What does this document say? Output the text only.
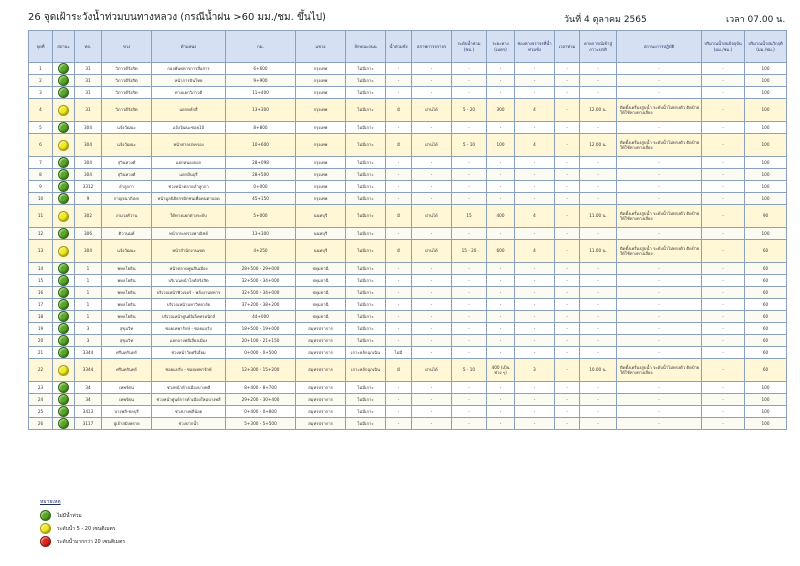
26 จุดเฝ้าระวังน้ำท่วมบนทางหลวง (กรณีน้ำฝน >60 มม./ชม. ขึ้นไป)	วันที่ 4 ตุลาคม 2565	เวลา 07.00 น.
จุดที่	สถานะ	ทล.	ขวง	ตำแหน่ง	กม.	แขวง	ลักษณะถนน	น้ำท่วมขัง	สภาพการจราจร	ระดับน้ำท่วม (ซม.)	ระยะทาง (เมตร)	ช่องทางจราจรที่น้ำท่วมขัง	เวลาท่วม	คาดการณ์เข้าสู่ภาวะปกติ	สถานะการปฏิบัติ	ปริมาณน้ำฝนปัจจุบัน (มม./ชม.)	ปริมาณน้ำฝนวิกฤติ (มม./ชม.)
1		31	วิภาวดีรังสิต	กองพันทหารการสื่อสาร	6+600	กรุงเทพ	ไม่มีเกาะ	-	-	-	-	-	-	-	-	-	100
2		31	วิภาวดีรังสิต	หน้าการบินไทย	9+900	กรุงเทพ	ไม่มีเกาะ	-	-	-	-	-	-	-	-	-	100
3		31	วิภาวดีรังสิต	ทางแยกวิภาวดี	11+400	กรุงเทพ	ไม่มีเกาะ	-	-	-	-	-	-	-	-	-	100
4		31	วิภาวดีรังสิต	แยกหลักสี่	13+300	กรุงเทพ	ไม่มีเกาะ	มี	ผ่านได้	5 - 20	300	4	-	12.00 น.	ติดตั้งเครื่องสูบน้ำ ระดับน้ำไม่ทรงตัว ติดป้ายให้ใช้ทางทางเลี่ยง	-	100
5		304	แจ้งวัฒนะ	แจ้งวัฒนะซอย10	8+800	กรุงเทพ	ไม่มีเกาะ	-	-	-	-	-	-	-	-	-	100
6		304	แจ้งวัฒนะ	หน้าศาลปกครอง	10+600	กรุงเทพ	ไม่มีเกาะ	มี	ผ่านได้	5 - 10	100	4	-	12.00 น.	ติดตั้งเครื่องสูบน้ำ ระดับน้ำไม่ทรงตัว ติดป้ายให้ใช้ทางทางเลี่ยง	-	100
7		304	สุวินทวงศ์	แยกหนองจอก	28+098	กรุงเทพ	ไม่มีเกาะ	-	-	-	-	-	-	-	-	-	100
8		304	สุวินทวงศ์	แยกมีนบุรี	28+500	กรุงเทพ	ไม่มีเกาะ	-	-	-	-	-	-	-	-	-	100
9		3312	ลำลูกกา	ช่วงหน้าตลาดลำลูกกา	0+000	กรุงเทพ	ไม่มีเกาะ	-	-	-	-	-	-	-	-	-	100
10		9	กาญจนาภิเษก	หน้ามูลนิธิธรรมิกชนเพื่อคนตาบอด	45+150	กรุงเทพ	ไม่มีเกาะ	-	-	-	-	-	-	-	-	-	100
11		302	งามวงศ์วาน	ใต้ทางแยกต่างระดับ	5+000	นนทบุรี	ไม่มีเกาะ	มี	ผ่านได้	15	400	4	-	11.00 น.	ติดตั้งเครื่องสูบน้ำ ระดับน้ำไม่ทรงตัว ติดป้ายให้ใช้ทางทางเลี่ยง	-	90
12		306	ติวานนท์	หน้ากระทรวงพาณิชย์	13+300	นนทบุรี	ไม่มีเกาะ	-	-	-	-	-	-	-	-	-	100
13		304	แจ้งวัฒนะ	หน้าสำนักงานเขต	4+250	นนทบุรี	ไม่มีเกาะ	มี	ผ่านได้	15 - 20	600	4	-	11.00 น.	ติดตั้งเครื่องสูบน้ำ ระดับน้ำไม่ทรงตัว ติดป้ายให้ใช้ทางทางเลี่ยง	-	60
14		1	พหลโยธิน	หน้าตลาดพูนสินเมือง	28+500 - 29+000	ปทุมธานี	ไม่มีเกาะ	-	-	-	-	-	-	-	-	-	60
15		1	พหลโยธิน	บริเวณหน้าโลตัสรังสิต	32+500 - 34+000	ปทุมธานี	ไม่มีเกาะ	-	-	-	-	-	-	-	-	-	60
16		1	พหลโยธิน	บริเวณหน้าฟิวเจอร์ - พลังงานทหาร	32+500 - 34+000	ปทุมธานี	ไม่มีเกาะ	-	-	-	-	-	-	-	-	-	60
17		1	พหลโยธิน	บริเวณหน้ามหาวิทยาลัย	37+200 - 38+200	ปทุมธานี	ไม่มีเกาะ	-	-	-	-	-	-	-	-	-	60
18		1	พหลโยธิน	บริเวณหน้าศูนย์อิเล็คทรอนิกส์	44+000	ปทุมธานี	ไม่มีเกาะ	-	-	-	-	-	-	-	-	-	60
19		3	สุขุมวิท	ซอยเทพารักษ์ - ซอยแบริ่ง	18+500 - 19+000	สมุทรปราการ	ไม่มีเกาะ	-	-	-	-	-	-	-	-	-	60
20		3	สุขุมวิท	แยกบางพลีเลี่ยงเมือง	20+100 - 21+150	สมุทรปราการ	ไม่มีเกาะ	-	-	-	-	-	-	-	-	-	60
21		3344	ศรีนครินทร์	ช่วงหน้าวัดศรีเอี่ยม	0+000 - 0+500	สมุทรปราการ	เกาะหลักฉุกเฉิน	ไม่มี	-	-	-	-	-	-	-	-	60
22		3344	ศรีนครินทร์	ซอยแบริ่ง - ซอยเทพารักษ์	12+300 - 15+200	สมุทรปราการ	เกาะหลักฉุกเฉิน	มี	ผ่านได้	5 - 10	400 (เป็นช่วง ๆ)	3	-	10.00 น.	ติดตั้งเครื่องสูบน้ำ ระดับน้ำไม่ทรงตัว ติดป้ายให้ใช้ทางทางเลี่ยง	-	60
23		34	เทพรัตน	ช่วงหน้าห้างเมืองบางพลี	8+400 - 8+700	สมุทรปราการ	ไม่มีเกาะ	-	-	-	-	-	-	-	-	-	100
24		34	เทพรัตน	ช่วงหน้าศูนย์การค้าเมืองใหม่บางพลี	29+200 - 30+400	สมุทรปราการ	ไม่มีเกาะ	-	-	-	-	-	-	-	-	-	100
25		3413	บางพลี-ชลบุรี	ช่วงบางพลีน้อย	0+400 - 0+800	สมุทรปราการ	ไม่มีเกาะ	-	-	-	-	-	-	-	-	-	100
26		3117	ปู่เจ้าสมิงพราย	ช่วงปากน้ำ	5+300 - 5+500	สมุทรปราการ	ไม่มีเกาะ	-	-	-	-	-	-	-	-	-	100
หมายเหตุ
ไม่มีน้ำท่วม
ระดับน้ำ 5 - 20 เซนติเมตร
ระดับน้ำมากกว่า 20 เซนติเมตร
